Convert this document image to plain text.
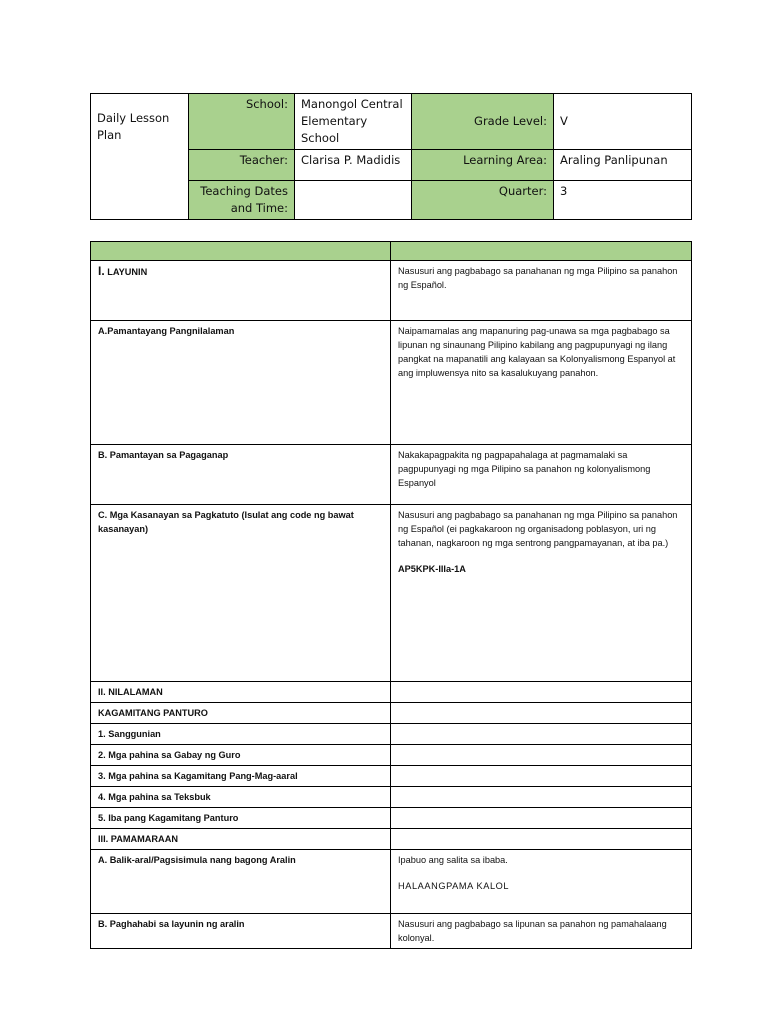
Daily Lesson Plan	School:	Manongol Central Elementary School	Grade Level:	V
	Teacher:	Clarisa P. Madidis	Learning Area:	Araling Panlipunan
	Teaching Dates and Time:		Quarter:	3

I. LAYUNIN	Nasusuri ang pagbabago sa panahanan ng mga Pilipino sa panahon ng Español.
A.Pamantayang Pangnilalaman	Naipamamalas ang mapanuring pag-unawa sa mga pagbabago sa lipunan ng sinaunang Pilipino kabilang ang pagpupunyagi ng ilang pangkat na mapanatili ang kalayaan sa Kolonyalismong Espanyol at ang impluwensya nito sa kasalukuyang panahon.
B. Pamantayan sa Pagaganap	Nakakapagpakita ng pagpapahalaga at pagmamalaki sa pagpupunyagi ng mga Pilipino sa panahon ng kolonyalismong Espanyol
C. Mga Kasanayan sa Pagkatuto (Isulat ang code ng bawat kasanayan)	Nasusuri ang pagbabago sa panahanan ng mga Pilipino sa panahon ng Español (ei pagkakaroon ng organisadong poblasyon, uri ng tahanan, nagkaroon ng mga sentrong pangpamayanan, at iba pa.)
AP5KPK-IIIa-1A

II. NILALAMAN	
KAGAMITANG PANTURO	
1. Sanggunian	
2. Mga pahina sa Gabay ng Guro	
3. Mga pahina sa Kagamitang Pang-Mag-aaral	
4. Mga pahina sa Teksbuk	
5. Iba pang Kagamitang Panturo	
III. PAMAMARAAN	
A. Balik-aral/Pagsisimula nang bagong Aralin	Ipabuo ang salita sa ibaba.
HALAANGPAMA KALOL

B. Paghahabi sa layunin ng aralin	Nasusuri ang pagbabago sa lipunan sa panahon ng pamahalaang kolonyal.
